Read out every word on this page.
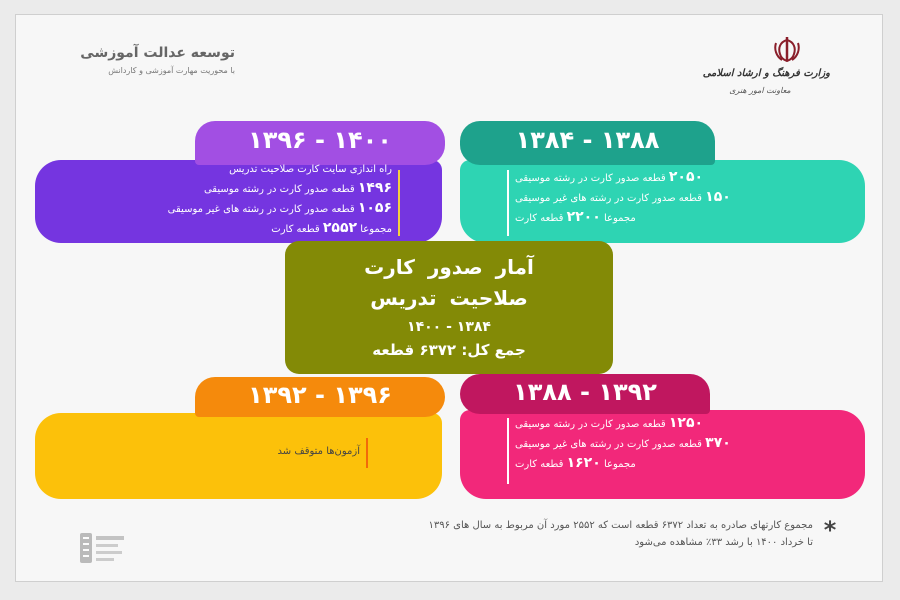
توسعه عدالت آموزشی
با محوریت مهارت آموزشی و کاردانش	وزارت فرهنگ و ارشاد اسلامی
معاونت امور هنری
۱۳۹۶ - ۱۴۰۰
راه اندازی سایت کارت صلاحیت تدریس
۱۴۹۶ قطعه صدور کارت در رشته موسیقی
۱۰۵۶ قطعه صدور کارت در رشته های غیر موسیقی
مجموعا ۲۵۵۲ قطعه کارت
۱۳۸۴ - ۱۳۸۸
۲۰۵۰ قطعه صدور کارت در رشته موسیقی
۱۵۰ قطعه صدور کارت در رشته های غیر موسیقی
مجموعا ۲۲۰۰ قطعه کارت
آمار صدور کارت
صلاحیت تدریس
۱۳۸۴ - ۱۴۰۰
جمع کل: ۶۳۷۲ قطعه
۱۳۹۲ - ۱۳۹۶
آزمون‌ها متوقف شد
۱۳۸۸ - ۱۳۹۲
۱۲۵۰ قطعه صدور کارت در رشته موسیقی
۳۷۰ قطعه صدور کارت در رشته های غیر موسیقی
مجموعا ۱۶۲۰ قطعه کارت
*
مجموع کارتهای صادره به تعداد ۶۳۷۲ قطعه است که ۲۵۵۲ مورد آن مربوط به سال های ۱۳۹۶
تا خرداد ۱۴۰۰ با رشد ۳۳٪ مشاهده می‌شود
